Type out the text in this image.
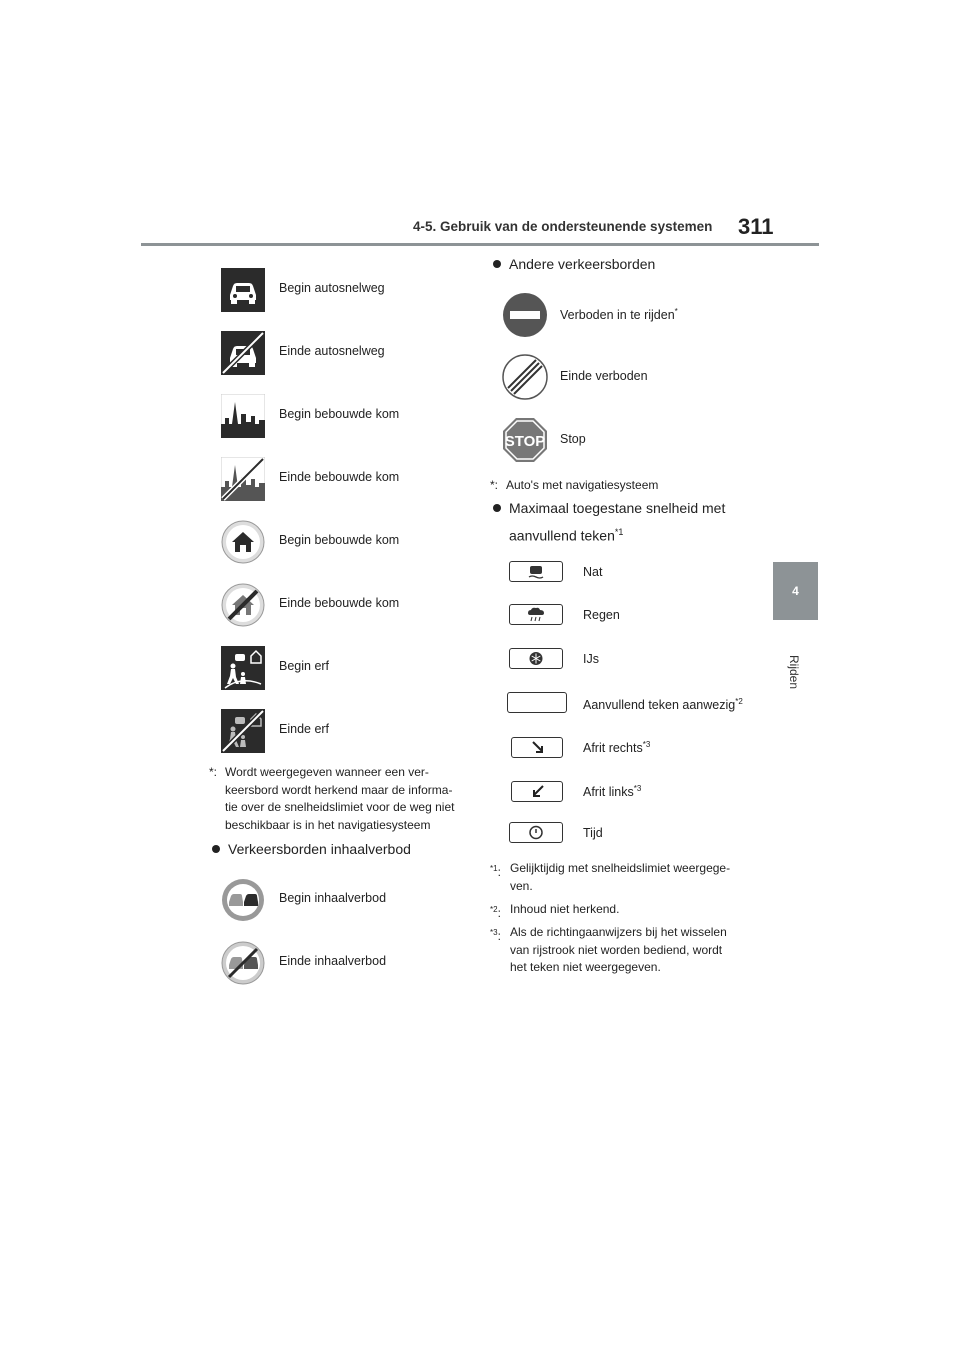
4-5. Gebruik van de ondersteunende systemen 311
4
Rijden
Begin autosnelweg
Einde autosnelweg
Begin bebouwde kom
Einde bebouwde kom
Begin bebouwde kom
Einde bebouwde kom
Begin erf
Einde erf
*: Wordt weergegeven wanneer een ver-
keersbord wordt herkend maar de informa-
tie over de snelheidslimiet voor de weg niet
beschikbaar is in het navigatiesysteem
Verkeersborden inhaalverbod
Begin inhaalverbod
Einde inhaalverbod
Andere verkeersborden
Verboden in te rijden*
Einde verboden
STOP Stop
*: Auto's met navigatiesysteem
Maximaal toegestane snelheid met
aanvullend teken$^{*1}$
Nat
Regen
IJs
Aanvullend teken aanwezig$^{*2}$
Afrit rechts$^{*3}$
Afrit links$^{*3}$
Tijd
$^{*1}$: Gelijktijdig met snelheidslimiet weergege-
ven.
$^{*2}$: Inhoud niet herkend.
$^{*3}$: Als de richtingaanwijzers bij het wisselen
van rijstrook niet worden bediend, wordt
het teken niet weergegeven.
